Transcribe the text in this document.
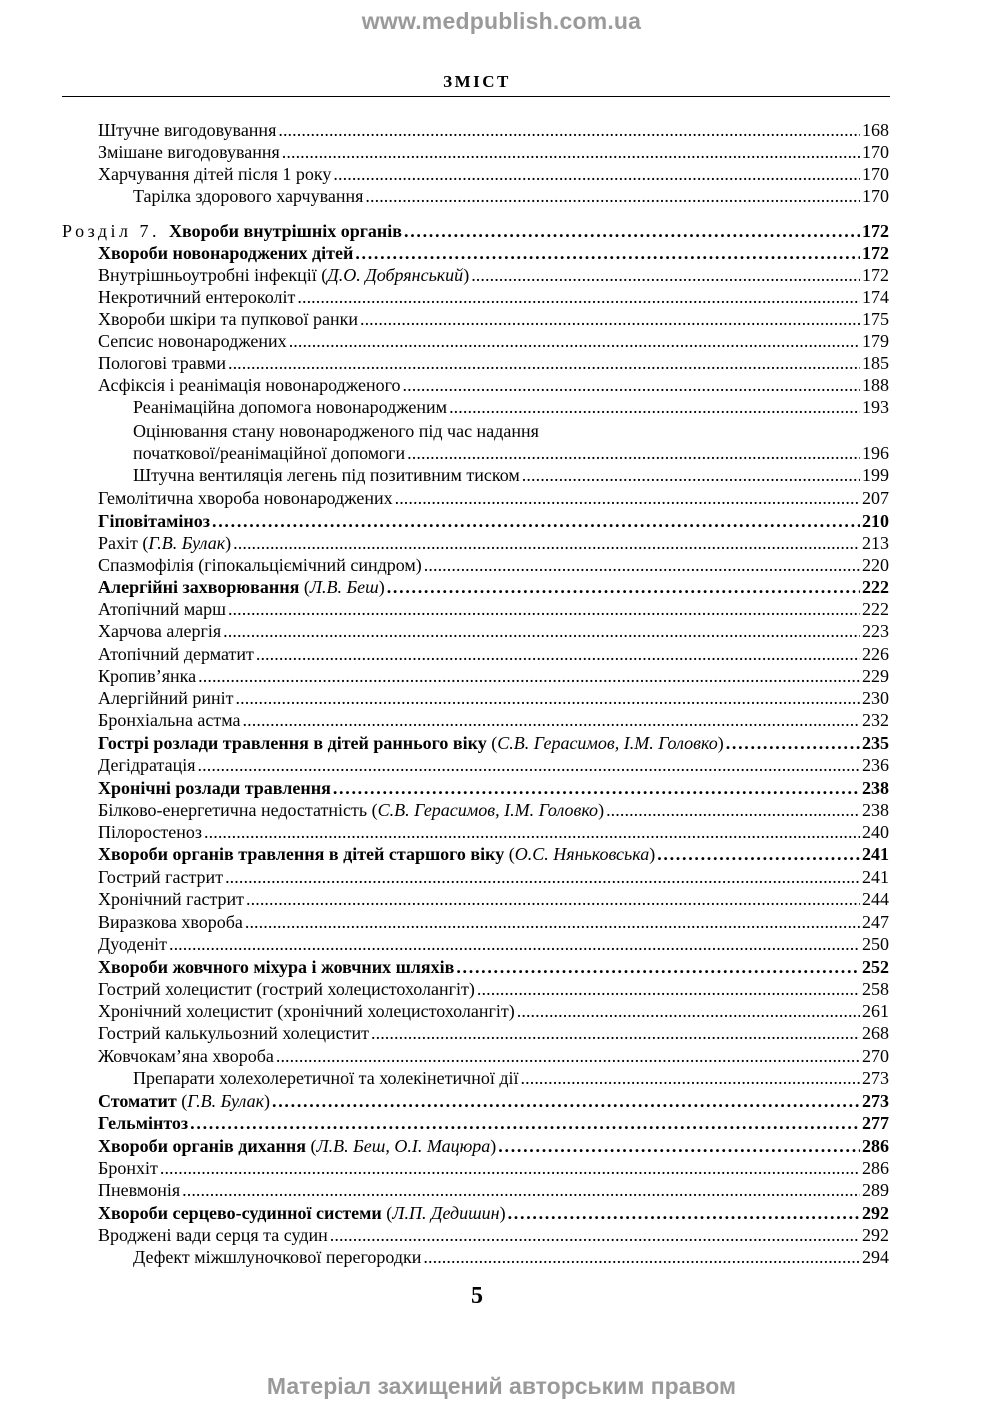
www.medpublish.com.ua
ЗМІСТ
Штучне вигодовування . . .	168
Змішане вигодовування . . .	170
Харчування дітей після 1 року . . .	170
Тарілка здорового харчування . . .	170
Розділ 7. Хвороби внутрішніх органів . . .	172
Хвороби новонароджених дітей . . .	172
Внутрішньоутробні інфекції (Д.О. Добрянський) . . .	172
Некротичний ентероколіт . . .	174
Хвороби шкіри та пупкової ранки . . .	175
Сепсис новонароджених . . .	179
Пологові травми . . .	185
Асфіксія і реанімація новонародженого . . .	188
Реанімаційна допомога новонародженим . . .	193
Оцінювання стану новонародженого під час надання
початкової/реанімаційної допомоги . . .	196
Штучна вентиляція легень під позитивним тиском . . .	199
Гемолітична хвороба новонароджених . . .	207
Гіповітаміноз . . .	210
Рахіт (Г.В. Булак) . . .	213
Спазмофілія (гіпокальціємічний синдром) . . .	220
Алергійні захворювання (Л.В. Беш) . . .	222
Атопічний марш . . .	222
Харчова алергія . . .	223
Атопічний дерматит . . .	226
Кропив’янка . . .	229
Алергійний риніт . . .	230
Бронхіальна астма . . .	232
Гострі розлади травлення в дітей раннього віку (С.В. Герасимов, І.М. Головко) . . .	235
Дегідратація . . .	236
Хронічні розлади травлення . . .	238
Білково-енергетична недостатність (С.В. Герасимов, І.М. Головко) . . .	238
Пілоростеноз . . .	240
Хвороби органів травлення в дітей старшого віку (О.С. Няньковська) . . .	241
Гострий гастрит . . .	241
Хронічний гастрит . . .	244
Виразкова хвороба . . .	247
Дуоденіт . . .	250
Хвороби жовчного міхура і жовчних шляхів . . .	252
Гострий холецистит (гострий холецистохолангіт) . . .	258
Хронічний холецистит (хронічний холецистохолангіт) . . .	261
Гострий калькульозний холецистит . . .	268
Жовчокам’яна хвороба . . .	270
Препарати холехолеретичної та холекінетичної дії . . .	273
Стоматит (Г.В. Булак) . . .	273
Гельмінтоз . . .	277
Хвороби органів дихання (Л.В. Беш, О.І. Мацюра) . . .	286
Бронхіт . . .	286
Пневмонія . . .	289
Хвороби серцево-судинної системи (Л.П. Дедишин) . . .	292
Вроджені вади серця та судин . . .	292
Дефект міжшлуночкової перегородки . . .	294
5
Матеріал захищений авторським правом
